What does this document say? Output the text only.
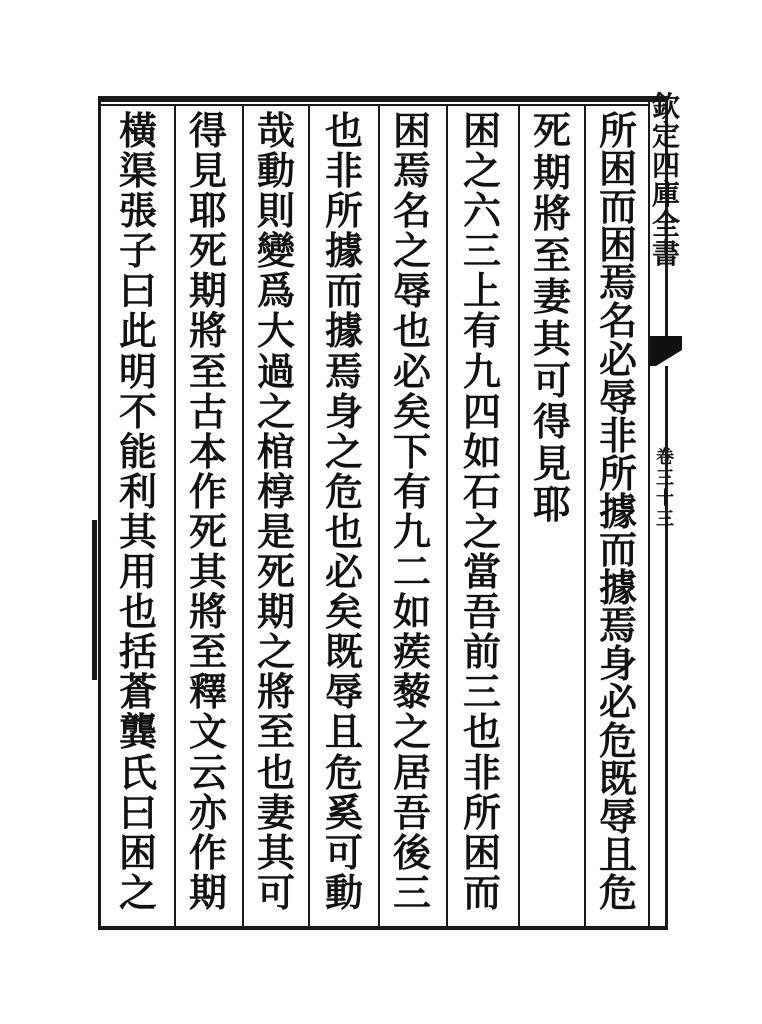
欽
定
四
庫
全
書
卷
三
十
三
所
困
而
困
焉
名
必
辱
非
所
據
而
據
焉
身
必
危
既
辱
且
危
死
期
將
至
妻
其
可
得
見
耶
困
之
六
三
上
有
九
四
如
石
之
當
吾
前
三
也
非
所
困
而
困
焉
名
之
辱
也
必
矣
下
有
九
二
如
蒺
藜
之
居
吾
後
三
也
非
所
據
而
據
焉
身
之
危
也
必
矣
既
辱
且
危
奚
可
動
哉
動
則
變
爲
大
過
之
棺
椁
是
死
期
之
將
至
也
妻
其
可
得
見
耶
死
期
將
至
古
本
作
死
其
將
至
釋
文
云
亦
作
期
橫
渠
張
子
曰
此
明
不
能
利
其
用
也
括
蒼
龔
氏
曰
困
之
